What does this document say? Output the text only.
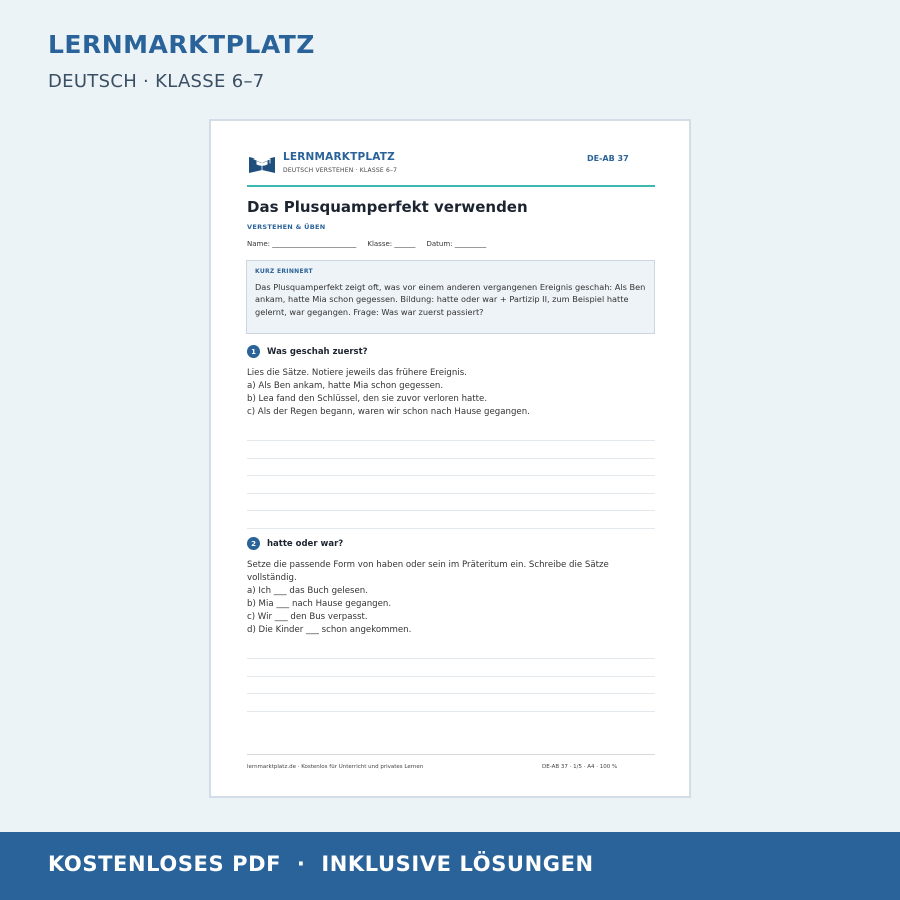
LERNMARKTPLATZ
DEUTSCH · KLASSE 6–7
LERNMARKTPLATZ
DEUTSCH VERSTEHEN · KLASSE 6–7
DE-AB 37
Das Plusquamperfekt verwenden
VERSTEHEN & ÜBEN
Name: ________________________     Klasse: ______     Datum: _________
KURZ ERINNERT
Das Plusquamperfekt zeigt oft, was vor einem anderen vergangenen Ereignis geschah: Als Ben ankam, hatte Mia schon gegessen. Bildung: hatte oder war + Partizip II, zum Beispiel hatte gelernt, war gegangen. Frage: Was war zuerst passiert?
1	Was geschah zuerst?
Lies die Sätze. Notiere jeweils das frühere Ereignis.
a) Als Ben ankam, hatte Mia schon gegessen.
b) Lea fand den Schlüssel, den sie zuvor verloren hatte.
c) Als der Regen begann, waren wir schon nach Hause gegangen.
2	hatte oder war?
Setze die passende Form von haben oder sein im Präteritum ein. Schreibe die Sätze
vollständig.
a) Ich ___ das Buch gelesen.
b) Mia ___ nach Hause gegangen.
c) Wir ___ den Bus verpasst.
d) Die Kinder ___ schon angekommen.
lernmarktplatz.de · Kostenlos für Unterricht und privates Lernen	DE-AB 37 · 1/5 · A4 · 100 %
KOSTENLOSES PDF  ·  INKLUSIVE LÖSUNGEN
